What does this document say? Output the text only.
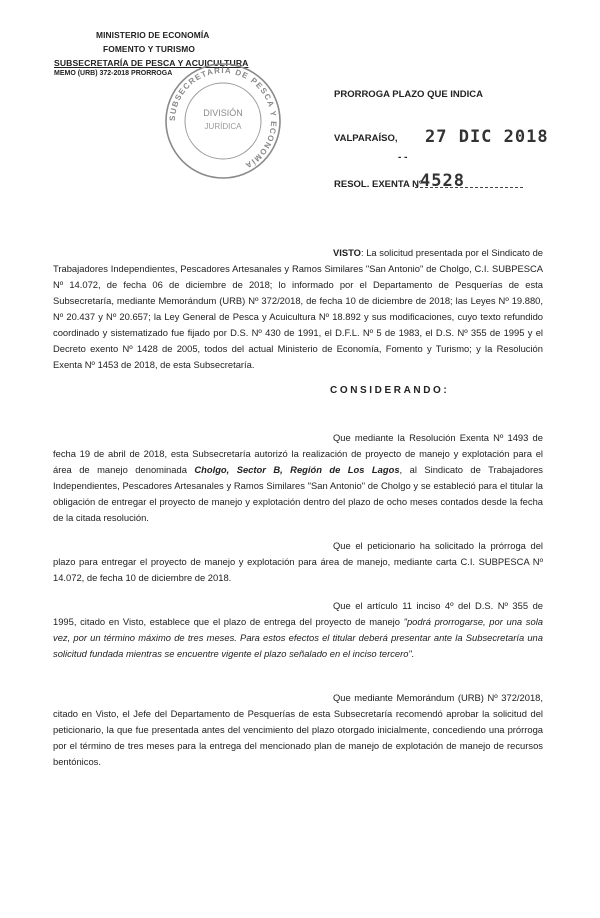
MINISTERIO DE ECONOMÍA
FOMENTO Y TURISMO
SUBSECRETARÍA DE PESCA Y ACUICULTURA
MEMO (URB) 372-2018 PRORROGA
SUBSECRETARÍA DE PESCA Y ECONOMÍA
DIVISIÓN
JURÍDICA
PRORROGA PLAZO QUE INDICA
VALPARAÍSO, 27 DIC 2018
- -
RESOL. EXENTA Nº
4528

VISTO: La solicitud presentada por el Sindicato de Trabajadores Independientes, Pescadores Artesanales y Ramos Similares "San Antonio" de Cholgo, C.I. SUBPESCA Nº 14.072, de fecha 06 de diciembre de 2018; lo informado por el Departamento de Pesquerías de esta Subsecretaría, mediante Memorándum (URB) Nº 372/2018, de fecha 10 de diciembre de 2018; las Leyes Nº 19.880, Nº 20.437 y Nº 20.657; la Ley General de Pesca y Acuicultura Nº 18.892 y sus modificaciones, cuyo texto refundido coordinado y sistematizado fue fijado por D.S. Nº 430 de 1991, el D.F.L. Nº 5 de 1983, el D.S. Nº 355 de 1995 y el Decreto exento Nº 1428 de 2005, todos del actual Ministerio de Economía, Fomento y Turismo; y la Resolución Exenta Nº 1453 de 2018, de esta Subsecretaría.

CONSIDERANDO:

Que mediante la Resolución Exenta Nº 1493 de fecha 19 de abril de 2018, esta Subsecretaría autorizó la realización de proyecto de manejo y explotación para el área de manejo denominada Cholgo, Sector B, Región de Los Lagos, al Sindicato de Trabajadores Independientes, Pescadores Artesanales y Ramos Similares "San Antonio" de Cholgo y se estableció para el titular la obligación de entregar el proyecto de manejo y explotación dentro del plazo de ocho meses contados desde la fecha de la citada resolución.

Que el peticionario ha solicitado la prórroga del plazo para entregar el proyecto de manejo y explotación para área de manejo, mediante carta C.I. SUBPESCA Nº 14.072, de fecha 10 de diciembre de 2018.

Que el artículo 11 inciso 4º del D.S. Nº 355 de 1995, citado en Visto, establece que el plazo de entrega del proyecto de manejo "podrá prorrogarse, por una sola vez, por un término máximo de tres meses. Para estos efectos el titular deberá presentar ante la Subsecretaría una solicitud fundada mientras se encuentre vigente el plazo señalado en el inciso tercero".

Que mediante Memorándum (URB) Nº 372/2018, citado en Visto, el Jefe del Departamento de Pesquerías de esta Subsecretaría recomendó aprobar la solicitud del peticionario, la que fue presentada antes del vencimiento del plazo otorgado inicialmente, concediendo una prórroga por el término de tres meses para la entrega del mencionado plan de manejo de explotación de manejo de recursos bentónicos.
